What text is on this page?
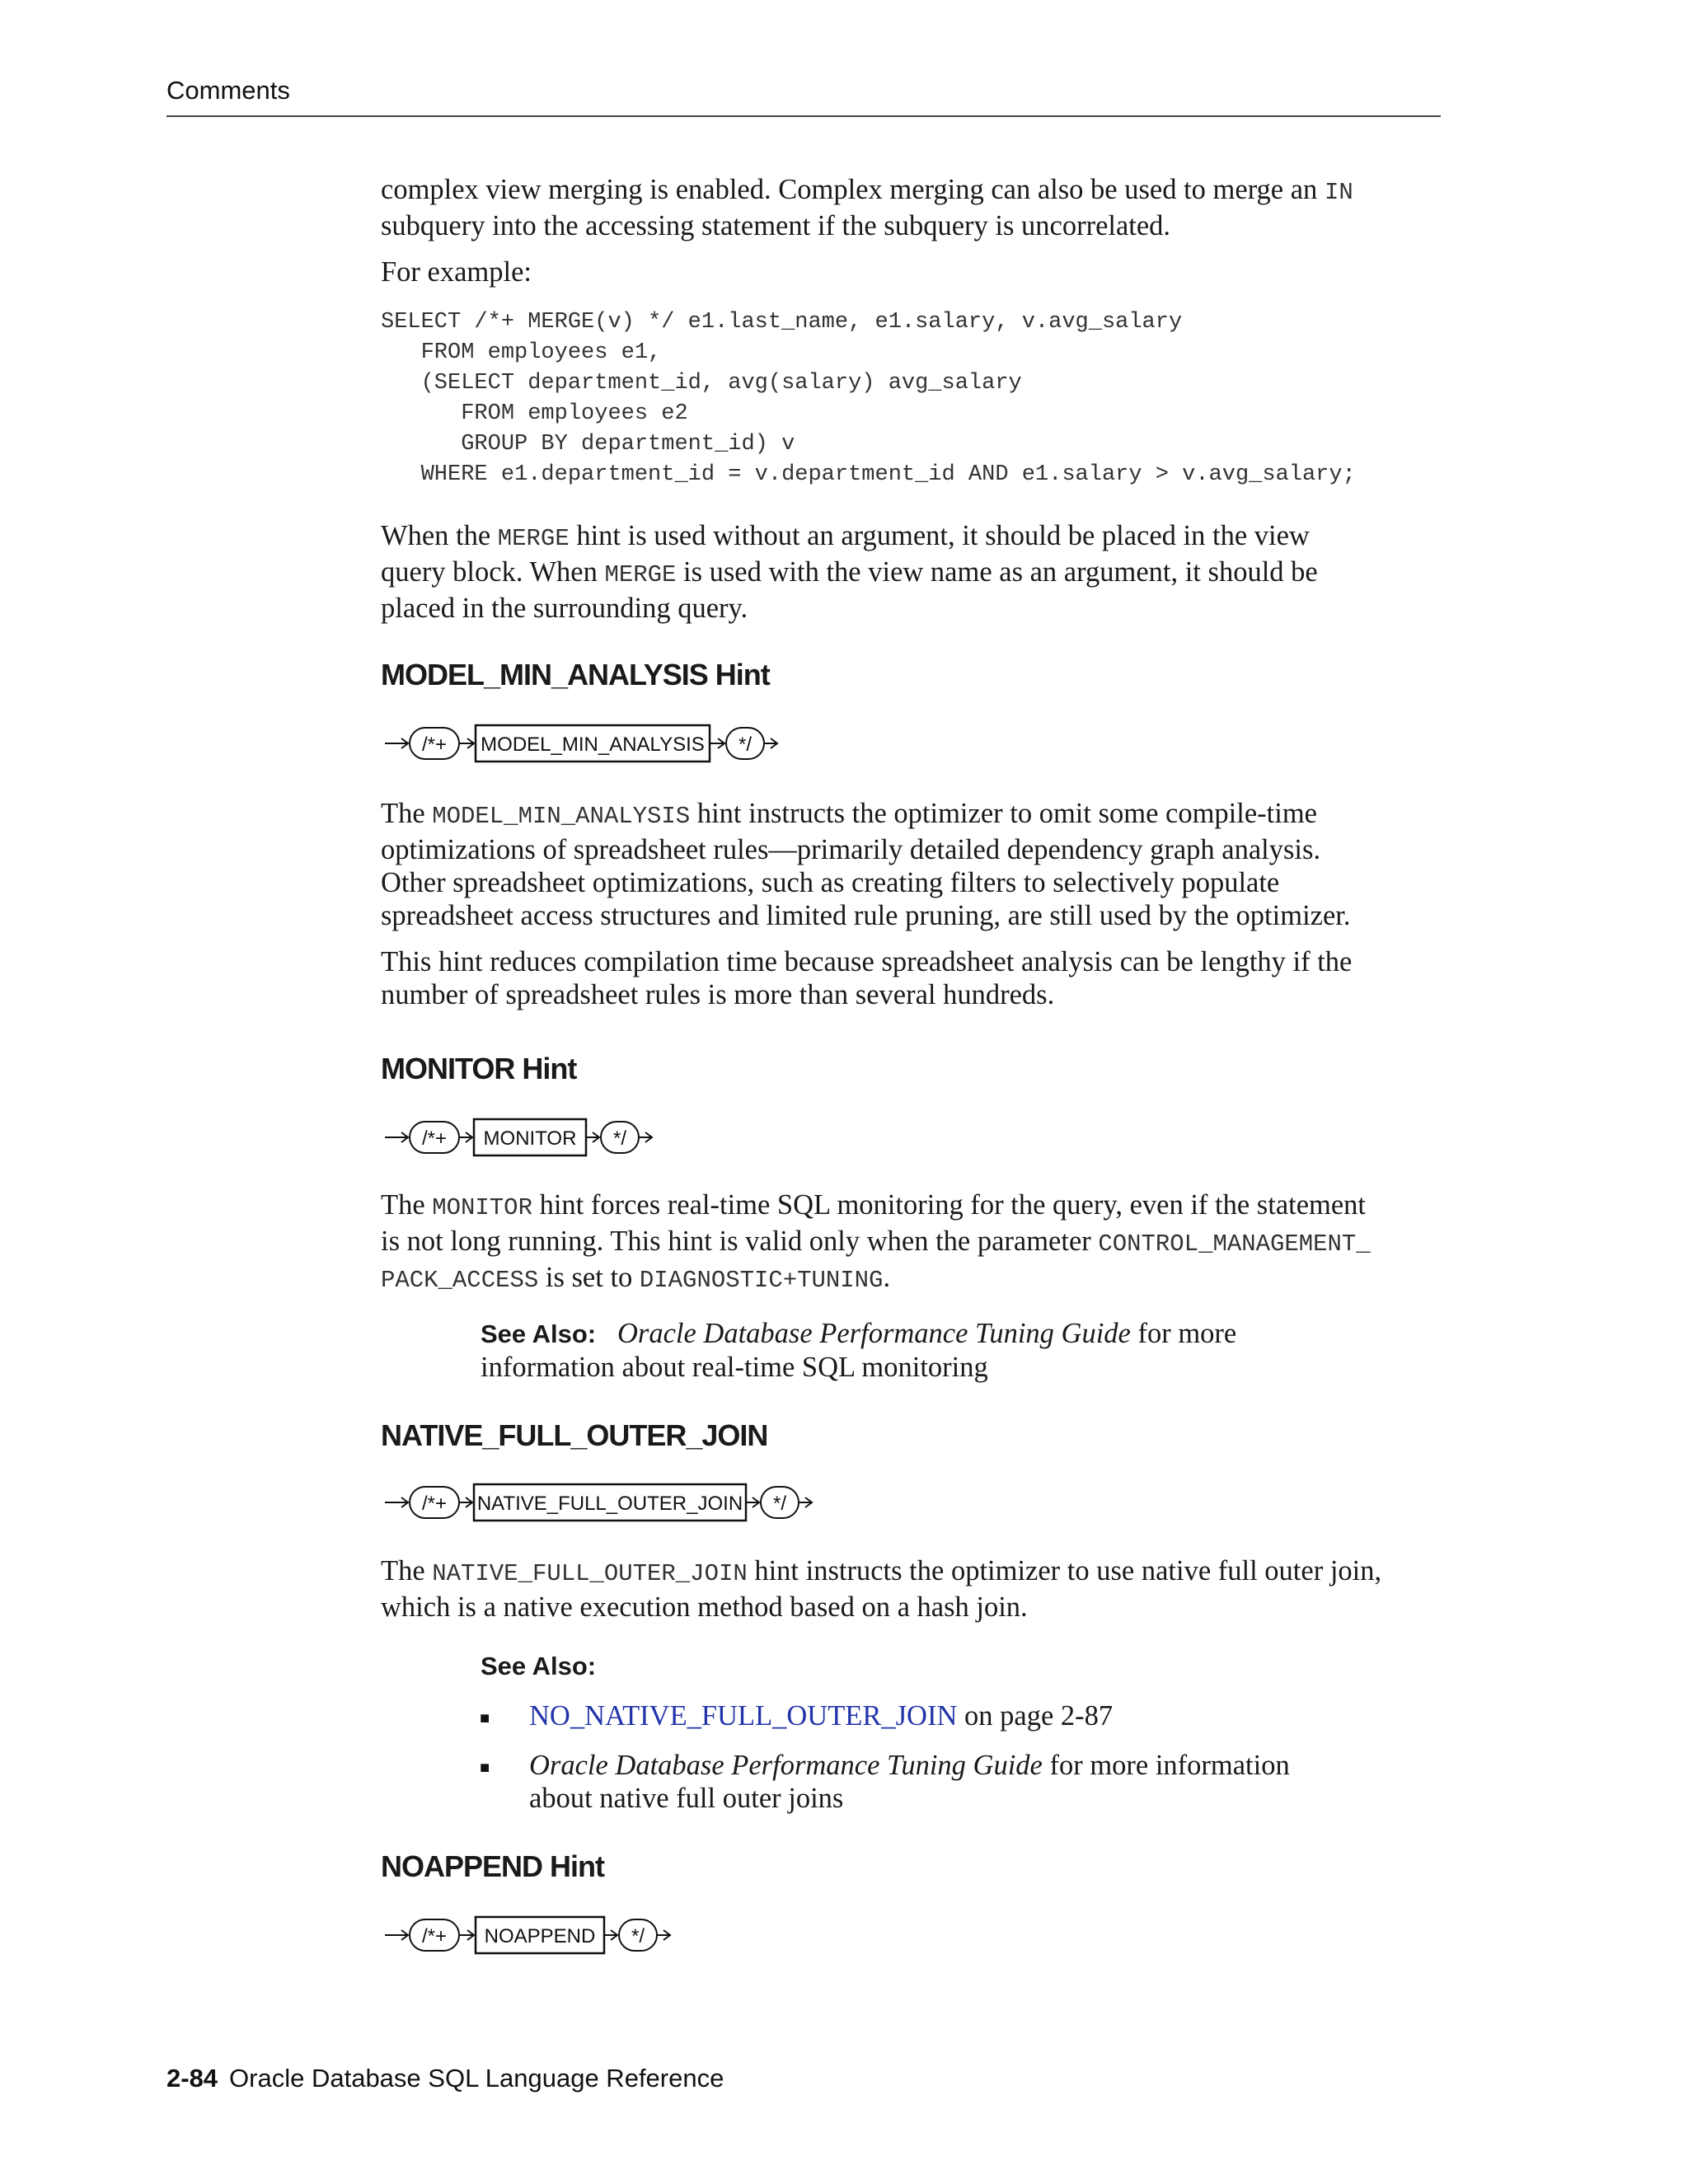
Comments

complex view merging is enabled. Complex merging can also be used to merge an IN

subquery into the accessing statement if the subquery is uncorrelated.

For example:
SELECT /*+ MERGE(v) */ e1.last_name, e1.salary, v.avg_salary
FROM employees e1,
(SELECT department_id, avg(salary) avg_salary
FROM employees e2
GROUP BY department_id) v
WHERE e1.department_id = v.department_id AND e1.salary > v.avg_salary;

When the MERGE hint is used without an argument, it should be placed in the view

query block. When MERGE is used with the view name as an argument, it should be

placed in the surrounding query.

MODEL_MIN_ANALYSIS Hint
/*+ MODEL_MIN_ANALYSIS */

The MODEL_MIN_ANALYSIS hint instructs the optimizer to omit some compile-time

optimizations of spreadsheet rules—primarily detailed dependency graph analysis.

Other spreadsheet optimizations, such as creating filters to selectively populate

spreadsheet access structures and limited rule pruning, are still used by the optimizer.

This hint reduces compilation time because spreadsheet analysis can be lengthy if the

number of spreadsheet rules is more than several hundreds.

MONITOR Hint
/*+ MONITOR */

The MONITOR hint forces real-time SQL monitoring for the query, even if the statement

is not long running. This hint is valid only when the parameter CONTROL_MANAGEMENT_

PACK_ACCESS is set to DIAGNOSTIC+TUNING.

See Also: Oracle Database Performance Tuning Guide for more

information about real-time SQL monitoring

NATIVE_FULL_OUTER_JOIN
/*+ NATIVE_FULL_OUTER_JOIN */

The NATIVE_FULL_OUTER_JOIN hint instructs the optimizer to use native full outer join,

which is a native execution method based on a hash join.

See Also:
■ NO_NATIVE_FULL_OUTER_JOIN on page 2-87
■ Oracle Database Performance Tuning Guide for more information

about native full outer joins

NOAPPEND Hint
/*+ NOAPPEND */
2-84 Oracle Database SQL Language Reference
